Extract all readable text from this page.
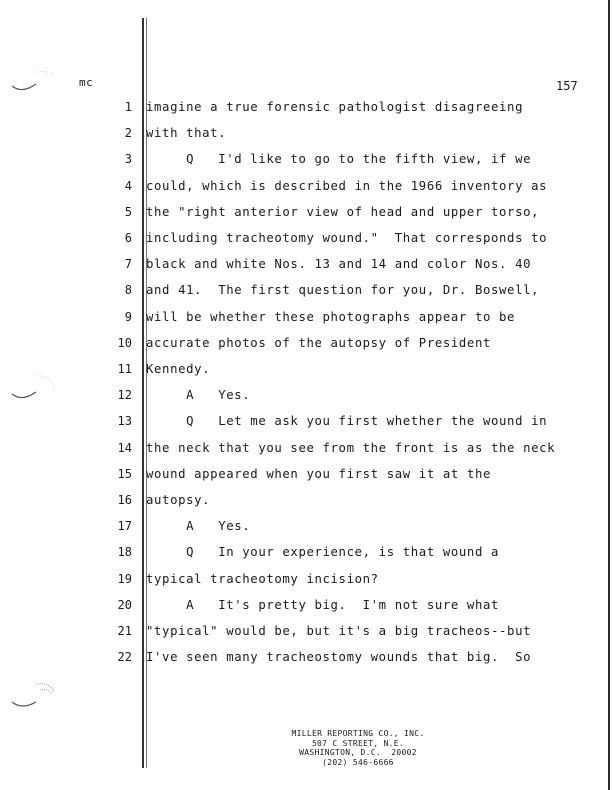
mc	157
1 imagine a true forensic pathologist disagreeing
2 with that.
3 Q   I'd like to go to the fifth view, if we
4 could, which is described in the 1966 inventory as
5 the "right anterior view of head and upper torso,
6 including tracheotomy wound."  That corresponds to
7 black and white Nos. 13 and 14 and color Nos. 40
8 and 41.  The first question for you, Dr. Boswell,
9 will be whether these photographs appear to be
10 accurate photos of the autopsy of President
11 Kennedy.
12 A   Yes.
13 Q   Let me ask you first whether the wound in
14 the neck that you see from the front is as the neck
15 wound appeared when you first saw it at the
16 autopsy.
17 A   Yes.
18 Q   In your experience, is that wound a
19 typical tracheotomy incision?
20 A   It's pretty big.  I'm not sure what
21 "typical" would be, but it's a big tracheos--but
22 I've seen many tracheostomy wounds that big.  So
MILLER REPORTING CO., INC.
507 C STREET, N.E.
WASHINGTON, D.C.  20002
(202) 546-6666
